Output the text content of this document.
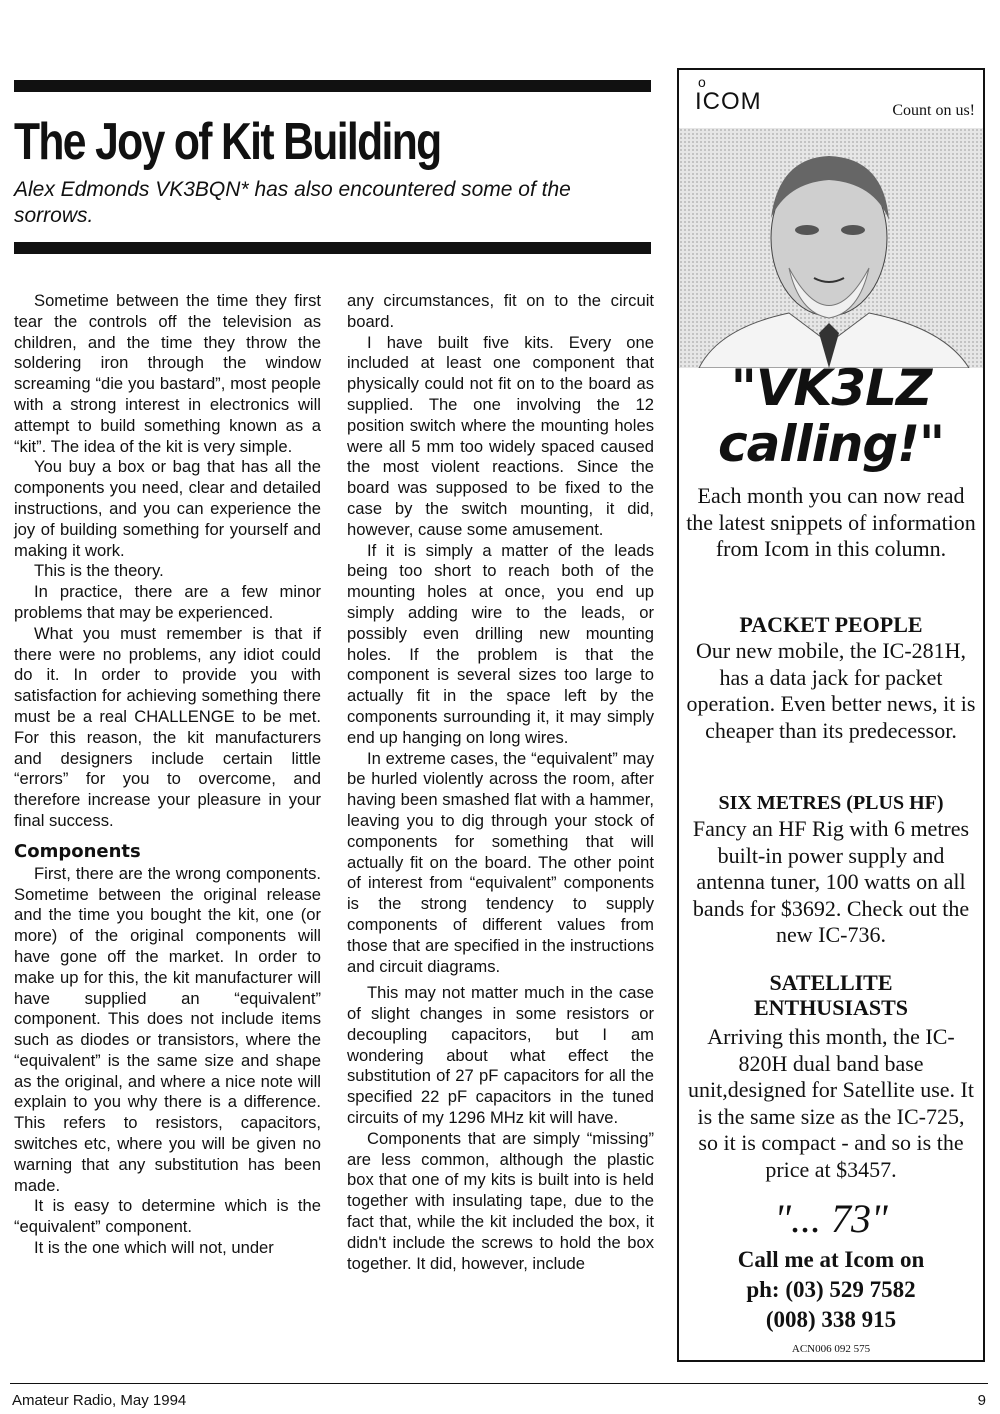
The Joy of Kit Building
Alex Edmonds VK3BQN* has also encountered some of the sorrows.

Sometime between the time they first tear the controls off the television as children, and the time they throw the soldering iron through the window screaming “die you bastard”, most people with a strong interest in electronics will attempt to build something known as a “kit”. The idea of the kit is very simple.

You buy a box or bag that has all the components you need, clear and detailed instructions, and you can experience the joy of building something for yourself and making it work.

This is the theory.

In practice, there are a few minor problems that may be experienced.

What you must remember is that if there were no problems, any idiot could do it. In order to provide you with satisfaction for achieving something there must be a real CHALLENGE to be met. For this reason, the kit manufacturers and designers include certain little “errors” for you to overcome, and therefore increase your pleasure in your final success.

Components

First, there are the wrong components. Sometime between the original release and the time you bought the kit, one (or more) of the original components will have gone off the market. In order to make up for this, the kit manufacturer will have supplied an “equivalent” component. This does not include items such as diodes or transistors, where the “equivalent” is the same size and shape as the original, and where a nice note will explain to you why there is a difference. This refers to resistors, capacitors, switches etc, where you will be given no warning that any substitution has been made.

It is easy to determine which is the “equivalent” component.

It is the one which will not, under

any circumstances, fit on to the circuit board.

I have built five kits. Every one included at least one component that physically could not fit on to the board as supplied. The one involving the 12 position switch where the mounting holes were all 5 mm too widely spaced caused the most violent reactions. Since the board was supposed to be fixed to the case by the switch mounting, it did, however, cause some amusement.

If it is simply a matter of the leads being too short to reach both of the mounting holes at once, you end up simply adding wire to the leads, or possibly even drilling new mounting holes. If the problem is that the component is several sizes too large to actually fit in the space left by the components surrounding it, it may simply end up hanging on long wires.

In extreme cases, the “equivalent” may be hurled violently across the room, after having been smashed flat with a hammer, leaving you to dig through your stock of components for something that will actually fit on the board. The other point of interest from “equivalent” components is the strong tendency to supply components of different values from those that are specified in the instructions and circuit diagrams.

This may not matter much in the case of slight changes in some resistors or decoupling capacitors, but I am wondering about what effect the substitution of 27 pF capacitors for all the specified 22 pF capacitors in the tuned circuits of my 1296 MHz kit will have.

Components that are simply “missing” are less common, although the plastic box that one of my kits is built into is held together with insulating tape, due to the fact that, while the kit included the box, it didn't include the screws to hold the box together. It did, however, include

o
ICOM	Count on us!
"VK3LZ
calling!"
Each month you can now read the latest snippets of information from Icom in this column.
PACKET PEOPLE
Our new mobile, the IC-281H, has a data jack for packet operation. Even better news, it is cheaper than its predecessor.
SIX METRES (PLUS HF)
Fancy an HF Rig with 6 metres built-in power supply and antenna tuner, 100 watts on all bands for $3692. Check out the new IC-736.
SATELLITE
ENTHUSIASTS
Arriving this month, the IC-820H dual band base unit,designed for Satellite use. It is the same size as the IC-725, so it is compact - and so is the price at $3457.
"... 73"
Call me at Icom on
ph: (03) 529 7582
(008) 338 915
ACN006 092 575
Amateur Radio, May 1994	9
